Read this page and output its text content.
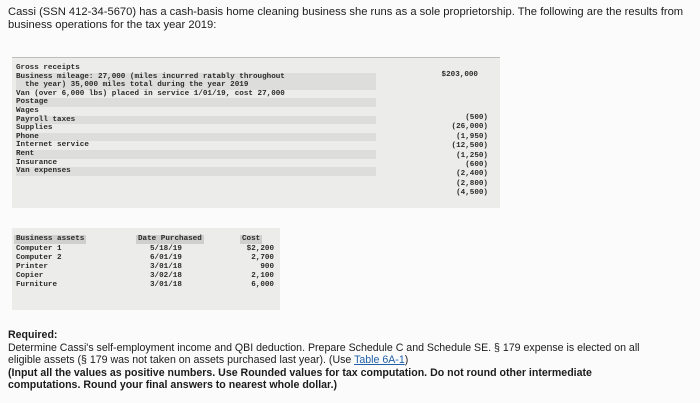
Cassi (SSN 412-34-5670) has a cash-basis home cleaning business she runs as a sole proprietorship. The following are the results from
business operations for the tax year 2019:
Gross receipts
Business mileage: 27,000 (miles incurred ratably throughout
the year) 35,000 miles total during the year 2019
Van (over 6,000 lbs) placed in service 1/01/19, cost 27,000
Postage
Wages
Payroll taxes
Supplies
Phone
Internet service
Rent
Insurance
Van expenses
$203,000
(500)
(26,000)
(1,950)
(12,500)
(1,250)
(600)
(2,400)
(2,800)
(4,500)
Business assets	Date Purchased	Cost
Computer 1
Computer 2
Printer
Copier
Furniture
5/18/19
6/01/19
3/01/18
3/02/18
3/01/18
$2,200
2,700
900
2,100
6,000
Required:
Determine Cassi's self-employment income and QBI deduction. Prepare Schedule C and Schedule SE. § 179 expense is elected on all
eligible assets (§ 179 was not taken on assets purchased last year). (Use Table 6A-1)
(Input all the values as positive numbers. Use Rounded values for tax computation. Do not round other intermediate
computations. Round your final answers to nearest whole dollar.)
